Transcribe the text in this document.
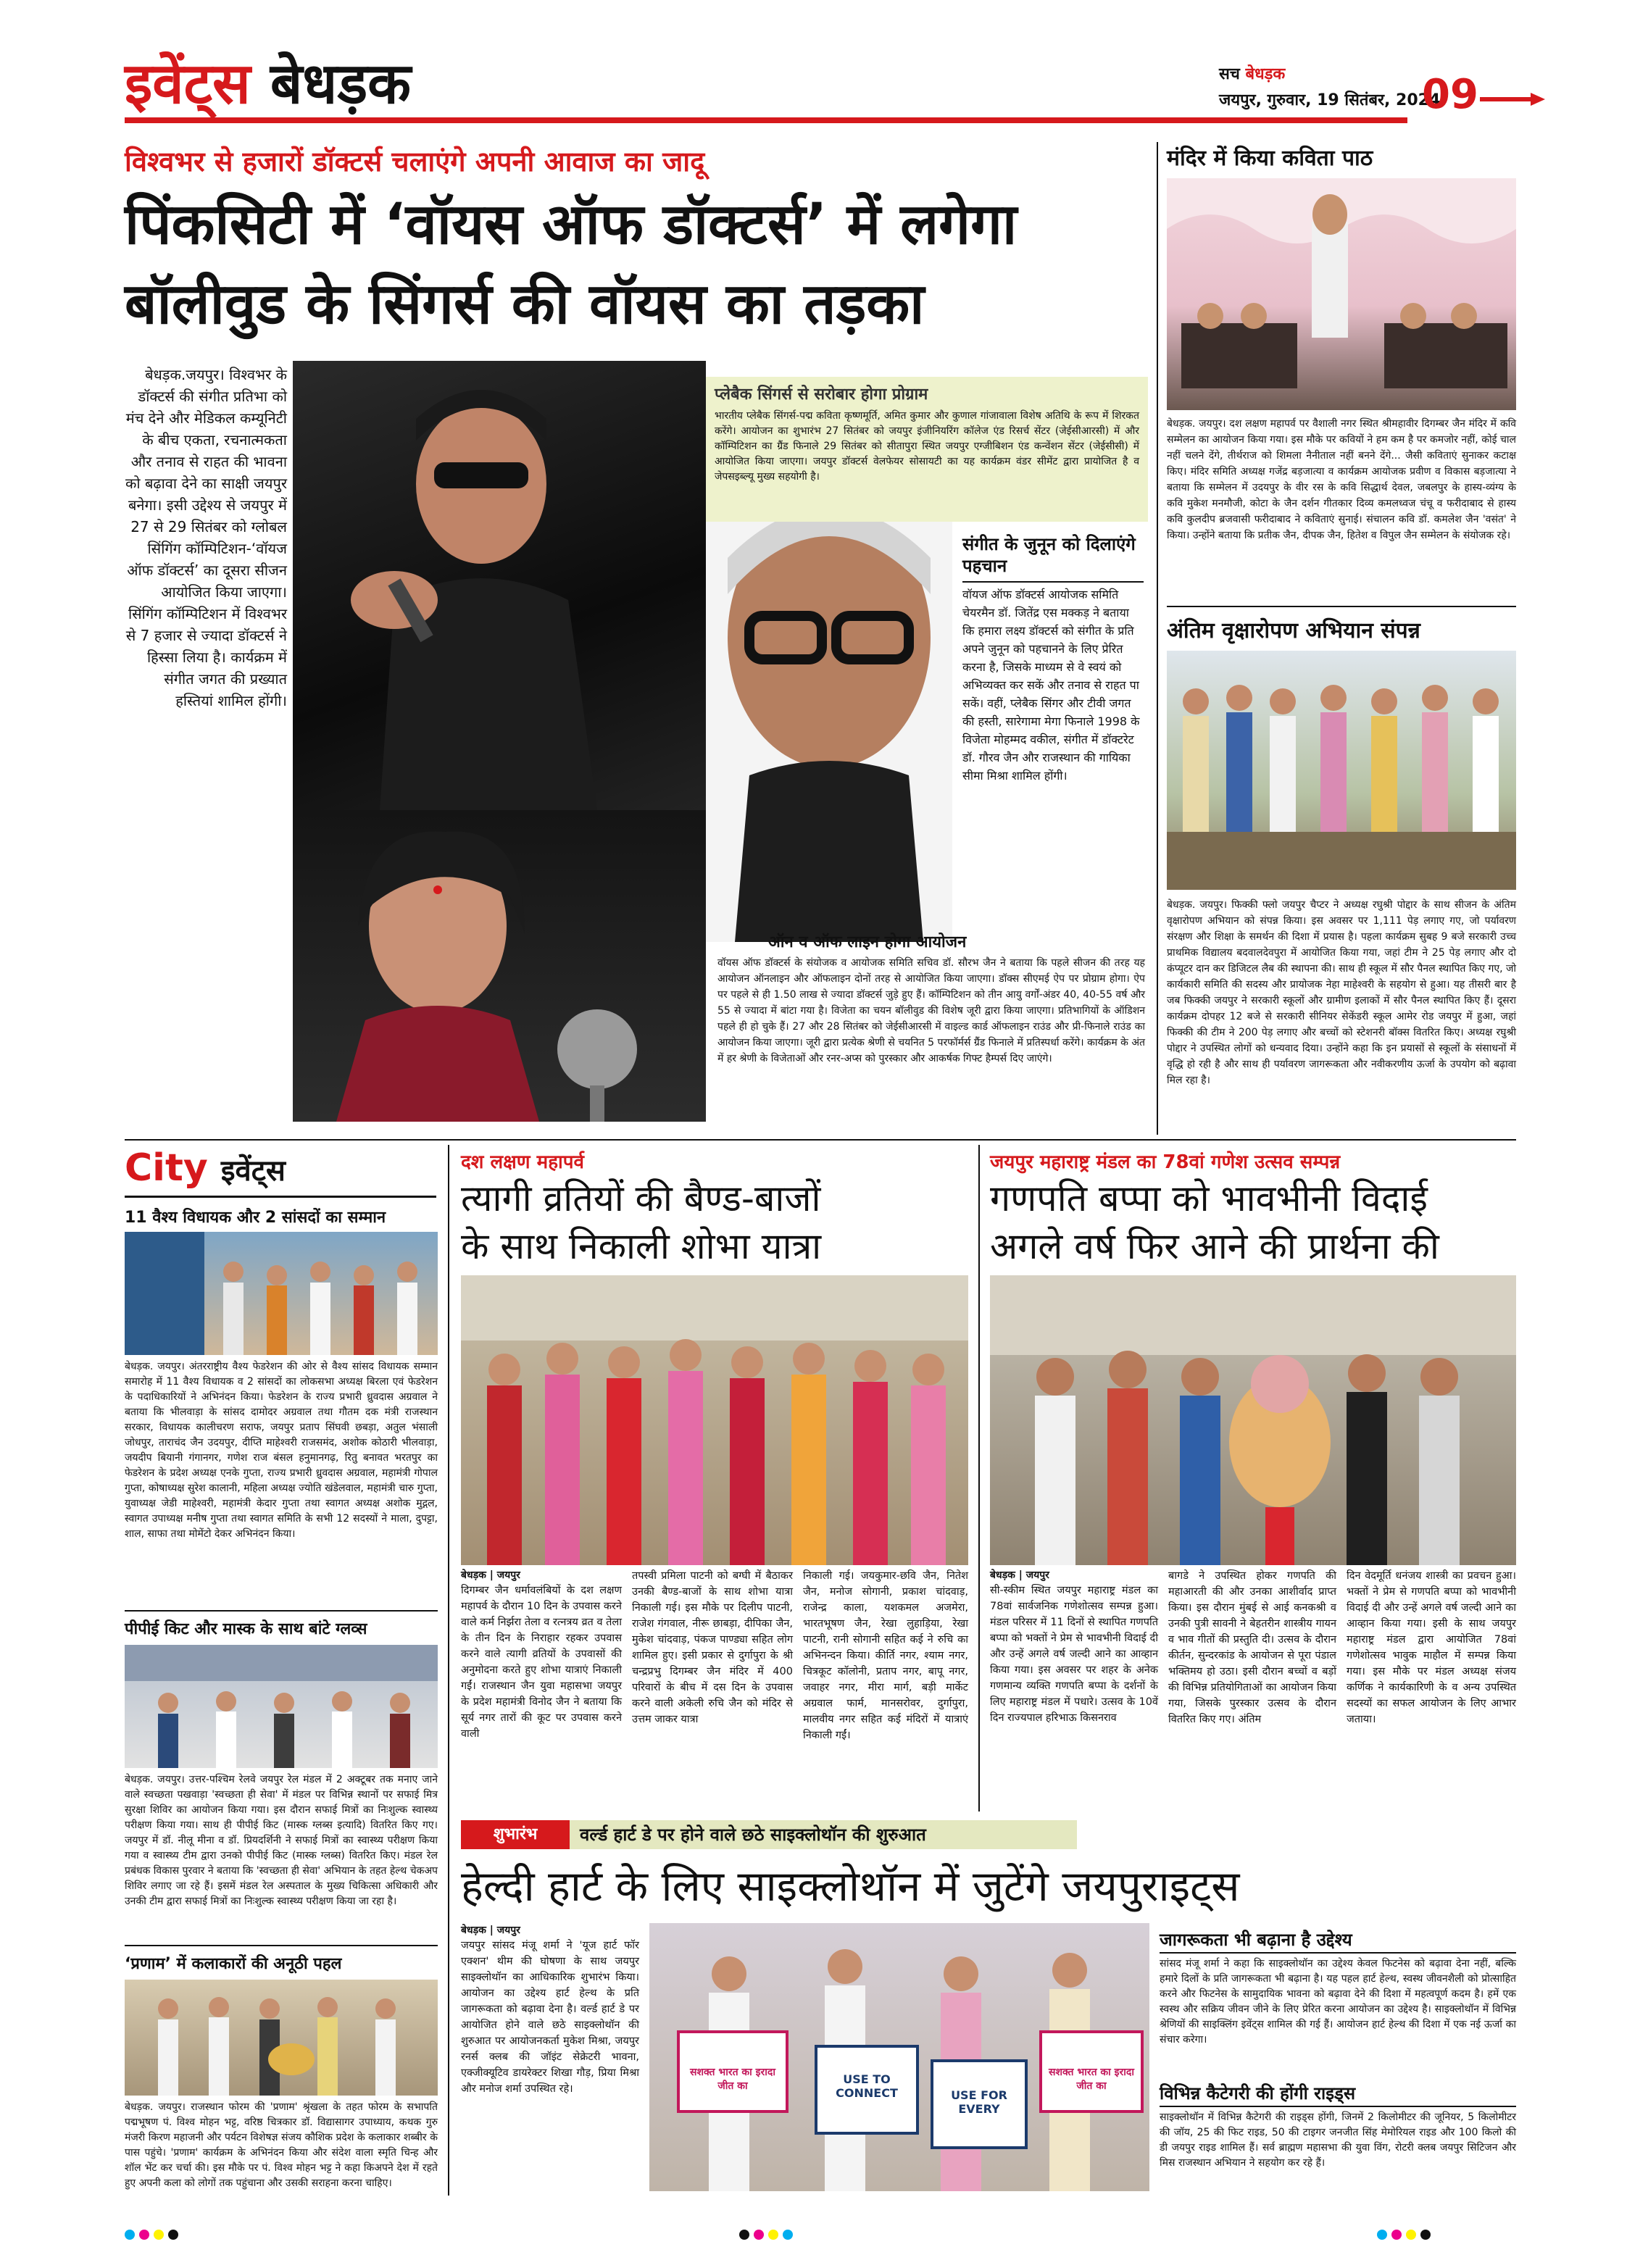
इवेंट्स बेधड़क	सच बेधड़क
जयपुर, गुरुवार, 19 सितंबर, 2024
09
विश्वभर से हजारों डॉक्टर्स चलाएंगे अपनी आवाज का जादू
पिंकसिटी में ‘वॉयस ऑफ डॉक्टर्स’ में लगेगा
बॉलीवुड के सिंगर्स की वॉयस का तड़का
बेधड़क.जयपुर। विश्वभर के डॉक्टर्स की संगीत प्रतिभा को मंच देने और मेडिकल कम्यूनिटी के बीच एकता, रचनात्मकता और तनाव से राहत की भावना को बढ़ावा देने का साक्षी जयपुर बनेगा। इसी उद्देश्य से जयपुर में 27 से 29 सितंबर को ग्लोबल सिंगिंग कॉम्पिटिशन-‘वॉयज ऑफ डॉक्टर्स’ का दूसरा सीजन आयोजित किया जाएगा। सिंगिंग कॉम्पिटिशन में विश्वभर से 7 हजार से ज्यादा डॉक्टर्स ने हिस्सा लिया है। कार्यक्रम में संगीत जगत की प्रख्यात हस्तियां शामिल होंगी।
प्लेबैक सिंगर्स से सरोबार होगा प्रोग्राम
भारतीय प्लेबैक सिंगर्स-पद्म कविता कृष्णमूर्ति, अमित कुमार और कुणाल गांजावाला विशेष अतिथि के रूप में शिरकत करेंगे। आयोजन का शुभारंभ 27 सितंबर को जयपुर इंजीनियरिंग कॉलेज एंड रिसर्च सेंटर (जेईसीआरसी) में और कॉम्पिटिशन का ग्रैंड फिनाले 29 सितंबर को सीतापुरा स्थित जयपुर एग्जीबिशन एंड कन्वेंशन सेंटर (जेईसीसी) में आयोजित किया जाएगा। जयपुर डॉक्टर्स वेलफेयर सोसायटी का यह कार्यक्रम वंडर सीमेंट द्वारा प्रायोजित है व जेपसइब्ल्यू मुख्य सहयोगी है।
संगीत के जुनून को दिलाएंगे पहचान
वॉयज ऑफ डॉक्टर्स आयोजक समिति चेयरमैन डॉ. जितेंद्र एस मक्कड़ ने बताया कि हमारा लक्ष्य डॉक्टर्स को संगीत के प्रति अपने जुनून को पहचानने के लिए प्रेरित करना है, जिसके माध्यम से वे स्वयं को अभिव्यक्त कर सकें और तनाव से राहत पा सकें। वहीं, प्लेबैक सिंगर और टीवी जगत की हस्ती, सारेगामा मेगा फिनाले 1998 के विजेता मोहम्मद वकील, संगीत में डॉक्टरेट डॉ. गौरव जैन और राजस्थान की गायिका सीमा मिश्रा शामिल होंगी।
ऑन व ऑफ लाइन होगा आयोजन
वॉयस ऑफ डॉक्टर्स के संयोजक व आयोजक समिति सचिव डॉ. सौरभ जैन ने बताया कि पहले सीजन की तरह यह आयोजन ऑनलाइन और ऑफलाइन दोनों तरह से आयोजित किया जाएगा। डॉक्स सीएमई ऐप पर प्रोग्राम होगा। ऐप पर पहले से ही 1.50 लाख से ज्यादा डॉक्टर्स जुड़े हुए हैं। कॉम्पिटिशन को तीन आयु वर्गों-अंडर 40, 40-55 वर्ष और 55 से ज्यादा में बांटा गया है। विजेता का चयन बॉलीवुड की विशेष जूरी द्वारा किया जाएगा। प्रतिभागियों के ऑडिशन पहले ही हो चुके हैं। 27 और 28 सितंबर को जेईसीआरसी में वाइल्ड कार्ड ऑफलाइन राउंड और प्री-फिनाले राउंड का आयोजन किया जाएगा। जूरी द्वारा प्रत्येक श्रेणी से चयनित 5 परफॉर्मर्स ग्रैंड फिनाले में प्रतिस्पर्धा करेंगे। कार्यक्रम के अंत में हर श्रेणी के विजेताओं और रनर-अप्स को पुरस्कार और आकर्षक गिफ्ट हैम्पर्स दिए जाएंगे।
मंदिर में किया कविता पाठ
बेधड़क. जयपुर। दश लक्षण महापर्व पर वैशाली नगर स्थित श्रीमहावीर दिगम्बर जैन मंदिर में कवि सम्मेलन का आयोजन किया गया। इस मौके पर कवियों ने हम कम है पर कमजोर नहीं, कोई चाल नहीं चलने देंगे, तीर्थराज को शिमला नैनीताल नहीं बनने देंगे... जैसी कविताएं सुनाकर कटाक्ष किए। मंदिर समिति अध्यक्ष गजेंद्र बड़जात्या व कार्यक्रम आयोजक प्रवीण व विकास बड़जात्या ने बताया कि सम्मेलन में उदयपुर के वीर रस के कवि सिद्धार्थ देवल, जबलपुर के हास्य-व्यंग्य के कवि मुकेश मनमौजी, कोटा के जैन दर्शन गीतकार दिव्य कमलध्वज चंचू व फरीदाबाद से हास्य कवि कुलदीप ब्रजवासी फरीदाबाद ने कविताएं सुनाई। संचालन कवि डॉ. कमलेश जैन 'वसंत' ने किया। उन्होंने बताया कि प्रतीक जैन, दीपक जैन, हितेश व विपुल जैन सम्मेलन के संयोजक रहे।
अंतिम वृक्षारोपण अभियान संपन्न
बेधड़क. जयपुर। फिक्की फ्लो जयपुर चैप्टर ने अध्यक्ष रघुश्री पोद्दार के साथ सीजन के अंतिम वृक्षारोपण अभियान को संपन्न किया। इस अवसर पर 1,111 पेड़ लगाए गए, जो पर्यावरण संरक्षण और शिक्षा के समर्थन की दिशा में प्रयास है। पहला कार्यक्रम सुबह 9 बजे सरकारी उच्च प्राथमिक विद्यालय बदवालदेवपुरा में आयोजित किया गया, जहां टीम ने 25 पेड़ लगाए और दो कंप्यूटर दान कर डिजिटल लैब की स्थापना की। साथ ही स्कूल में सौर पैनल स्थापित किए गए, जो कार्यकारी समिति की सदस्य और प्रायोजक नेहा माहेश्वरी के सहयोग से हुआ। यह तीसरी बार है जब फिक्की जयपुर ने सरकारी स्कूलों और ग्रामीण इलाकों में सौर पैनल स्थापित किए हैं। दूसरा कार्यक्रम दोपहर 12 बजे से सरकारी सीनियर सेकेंडरी स्कूल आमेर रोड जयपुर में हुआ, जहां फिक्की की टीम ने 200 पेड़ लगाए और बच्चों को स्टेशनरी बॉक्स वितरित किए। अध्यक्ष रघुश्री पोद्दार ने उपस्थित लोगों को धन्यवाद दिया। उन्होंने कहा कि इन प्रयासों से स्कूलों के संसाधनों में वृद्धि हो रही है और साथ ही पर्यावरण जागरूकता और नवीकरणीय ऊर्जा के उपयोग को बढ़ावा मिल रहा है।
City इवेंट्स
11 वैश्य विधायक और 2 सांसदों का सम्मान
बेधड़क. जयपुर। अंतरराष्ट्रीय वैश्य फेडरेशन की ओर से वैश्य सांसद विधायक सम्मान समारोह में 11 वैश्य विधायक व 2 सांसदों का लोकसभा अध्यक्ष बिरला एवं फेडरेशन के पदाधिकारियों ने अभिनंदन किया। फेडरेशन के राज्य प्रभारी ध्रुवदास अग्रवाल ने बताया कि भीलवाड़ा के सांसद दामोदर अग्रवाल तथा गौतम दक मंत्री राजस्थान सरकार, विधायक कालीचरण सराफ, जयपुर प्रताप सिंघवी छबड़ा, अतुल भंसाली जोधपुर, ताराचंद जैन उदयपुर, दीप्ति माहेश्वरी राजसमंद, अशोक कोठारी भीलवाड़ा, जयदीप बियानी गंगानगर, गणेश राज बंसल हनुमानगढ़, रितु बनावत भरतपुर का फेडरेशन के प्रदेश अध्यक्ष एनके गुप्ता, राज्य प्रभारी ध्रुवदास अग्रवाल, महामंत्री गोपाल गुप्ता, कोषाध्यक्ष सुरेश कालानी, महिला अध्यक्ष ज्योति खंडेलवाल, महामंत्री चारु गुप्ता, युवाध्यक्ष जेडी माहेश्वरी, महामंत्री केदार गुप्ता तथा स्वागत अध्यक्ष अशोक मुद्गल, स्वागत उपाध्यक्ष मनीष गुप्ता तथा स्वागत समिति के सभी 12 सदस्यों ने माला, दुपट्टा, शाल, साफा तथा मोमेंटो देकर अभिनंदन किया।
पीपीई किट और मास्क के साथ बांटे ग्लव्स
बेधड़क. जयपुर। उत्तर-पश्चिम रेलवे जयपुर रेल मंडल में 2 अक्टूबर तक मनाए जाने वाले स्वच्छता पखवाड़ा 'स्वच्छता ही सेवा' में मंडल पर विभिन्न स्थानों पर सफाई मित्र सुरक्षा शिविर का आयोजन किया गया। इस दौरान सफाई मित्रों का निःशुल्क स्वास्थ्य परीक्षण किया गया। साथ ही पीपीई किट (मास्क ग्लब्स इत्यादि) वितरित किए गए। जयपुर में डॉ. नीलू मीना व डॉ. प्रियदर्शिनी ने सफाई मित्रों का स्वास्थ्य परीक्षण किया गया व स्वास्थ्य टीम द्वारा उनको पीपीई किट (मास्क ग्लब्स) वितरित किए। मंडल रेल प्रबंधक विकास पुरवार ने बताया कि 'स्वच्छता ही सेवा' अभियान के तहत हेल्थ चेकअप शिविर लगाए जा रहे हैं। इसमें मंडल रेल अस्पताल के मुख्य चिकित्सा अधिकारी और उनकी टीम द्वारा सफाई मित्रों का निःशुल्क स्वास्थ्य परीक्षण किया जा रहा है।
‘प्रणाम’ में कलाकारों की अनूठी पहल
बेधड़क. जयपुर। राजस्थान फोरम की 'प्रणाम' श्रृंखला के तहत फोरम के सभापति पद्मभूषण पं. विश्व मोहन भट्ट, वरिष्ठ चित्रकार डॉ. विद्यासागर उपाध्याय, कथक गुरु मंजरी किरण महाजनी और पर्यटन विशेषज्ञ संजय कौशिक प्रदेश के कलाकार शब्बीर के पास पहुंचे। 'प्रणाम' कार्यक्रम के अभिनंदन किया और संदेश वाला स्मृति चिन्ह और शॉल भेंट कर चर्चा की। इस मौके पर पं. विश्व मोहन भट्ट ने कहा किअपने देश में रहते हुए अपनी कला को लोगों तक पहुंचाना और उसकी सराहना करना चाहिए।
दश लक्षण महापर्व
त्यागी व्रतियों की बैण्ड-बाजों
के साथ निकाली शोभा यात्रा
बेधड़क | जयपुर
दिगम्बर जैन धर्मावलंबियों के दश लक्षण महापर्व के दौरान 10 दिन के उपवास करने वाले कर्म निर्झरा तेला व रत्नत्रय व्रत व तेला के तीन दिन के निराहार रहकर उपवास करने वाले त्यागी व्रतियों के उपवासों की अनुमोदना करते हुए शोभा यात्राएं निकाली गईं। राजस्थान जैन युवा महासभा जयपुर के प्रदेश महामंत्री विनोद जैन ने बताया कि सूर्य नगर तारों की कूट पर उपवास करने वाली
तपस्वी प्रमिला पाटनी को बग्घी में बैठाकर उनकी बैण्ड-बाजों के साथ शोभा यात्रा निकाली गई। इस मौके पर दिलीप पाटनी, राजेश गंगवाल, नीरू छाबड़ा, दीपिका जैन, मुकेश चांदवाड़, पंकज पाण्ड्या सहित लोग शामिल हुए। इसी प्रकार से दुर्गापुरा के श्री चन्द्रप्रभु दिगम्बर जैन मंदिर में 400 परिवारों के बीच में दस दिन के उपवास करने वाली अकेली रुचि जैन को मंदिर से उत्तम जाकर यात्रा
निकाली गई। जयकुमार-छवि जैन, नितेश जैन, मनोज सोगानी, प्रकाश चांदवाड़, राजेन्द्र काला, यशकमल अजमेरा, भारतभूषण जैन, रेखा लुहाड़िया, रेखा पाटनी, रानी सोगानी सहित कई ने रुचि का अभिनन्दन किया। कीर्ति नगर, श्याम नगर, चित्रकूट कॉलोनी, प्रताप नगर, बापू नगर, जवाहर नगर, मीरा मार्ग, बड़ी मार्केट अग्रवाल फार्म, मानसरोवर, दुर्गापुरा, मालवीय नगर सहित कई मंदिरों में यात्राएं निकाली गईं।
जयपुर महाराष्ट्र मंडल का 78वां गणेश उत्सव सम्पन्न
गणपति बप्पा को भावभीनी विदाई
अगले वर्ष फिर आने की प्रार्थना की
बेधड़क | जयपुर
सी-स्कीम स्थित जयपुर महाराष्ट्र मंडल का 78वां सार्वजनिक गणेशोत्सव सम्पन्न हुआ। मंडल परिसर में 11 दिनों से स्थापित गणपति बप्पा को भक्तों ने प्रेम से भावभीनी विदाई दी और उन्हें अगले वर्ष जल्दी आने का आव्हान किया गया। इस अवसर पर शहर के अनेक गणमान्य व्यक्ति गणपति बप्पा के दर्शनों के लिए महाराष्ट्र मंडल में पधारे। उत्सव के 10वें दिन राज्यपाल हरिभाऊ किसनराव
बागडे ने उपस्थित होकर गणपति की महाआरती की और उनका आशीर्वाद प्राप्त किया। इस दौरान मुंबई से आई कनकश्री व उनकी पुत्री सावनी ने बेहतरीन शास्त्रीय गायन व भाव गीतों की प्रस्तुति दी। उत्सव के दौरान कीर्तन, सुन्दरकांड के आयोजन से पूरा पंडाल भक्तिमय हो उठा। इसी दौरान बच्चों व बड़ों की विभिन्न प्रतियोगिताओं का आयोजन किया गया, जिसके पुरस्कार उत्सव के दौरान वितरित किए गए। अंतिम
दिन वेदमूर्ति धनंजय शास्त्री का प्रवचन हुआ। भक्तों ने प्रेम से गणपति बप्पा को भावभीनी विदाई दी और उन्हें अगले वर्ष जल्दी आने का आव्हान किया गया। इसी के साथ जयपुर महाराष्ट्र मंडल द्वारा आयोजित 78वां गणेशोत्सव भावुक माहौल में सम्पन्न किया गया। इस मौके पर मंडल अध्यक्ष संजय कर्णिक ने कार्यकारिणी के व अन्य उपस्थित सदस्यों का सफल आयोजन के लिए आभार जताया।
शुभारंभ	वर्ल्ड हार्ट डे पर होने वाले छठे साइक्लोथॉन की शुरुआत
हेल्दी हार्ट के लिए साइक्लोथॉन में जुटेंगे जयपुराइट्स
बेधड़क | जयपुर
जयपुर सांसद मंजू शर्मा ने 'यूज हार्ट फॉर एक्शन' थीम की घोषणा के साथ जयपुर साइक्लोथॉन का आधिकारिक शुभारंभ किया। आयोजन का उद्देश्य हार्ट हेल्थ के प्रति जागरूकता को बढ़ावा देना है। वर्ल्ड हार्ट डे पर आयोजित होने वाले छठे साइक्लोथॉन की शुरुआत पर आयोजनकर्ता मुकेश मिश्रा, जयपुर रनर्स क्लब की जॉइंट सेक्रेटरी भावना, एक्जीक्यूटिव डायरेक्टर शिखा गौड़, प्रिया मिश्रा और मनोज शर्मा उपस्थित रहे।
सशक्त भारत का इरादा जीत का	USE TO CONNECT	USE FOR EVERY
सशक्त भारत का इरादा जीत का
जागरूकता भी बढ़ाना है उद्देश्य
सांसद मंजू शर्मा ने कहा कि साइक्लोथॉन का उद्देश्य केवल फिटनेस को बढ़ावा देना नहीं, बल्कि हमारे दिलों के प्रति जागरूकता भी बढ़ाना है। यह पहल हार्ट हेल्थ, स्वस्थ जीवनशैली को प्रोत्साहित करने और फिटनेस के सामुदायिक भावना को बढ़ावा देने की दिशा में महत्वपूर्ण कदम है। हमें एक स्वस्थ और सक्रिय जीवन जीने के लिए प्रेरित करना आयोजन का उद्देश्य है। साइक्लोथॉन में विभिन्न श्रेणियों की साइक्लिंग इवेंट्स शामिल की गई हैं। आयोजन हार्ट हेल्थ की दिशा में एक नई ऊर्जा का संचार करेगा।
विभिन्न कैटेगरी की होंगी राइड्स
साइक्लोथॉन में विभिन्न कैटेगरी की राइड्स होंगी, जिनमें 2 किलोमीटर की जूनियर, 5 किलोमीटर की जॉय, 25 की फिट राइड, 50 की टाइगर जनजीत सिंह मेमोरियल राइड और 100 किलो की डी जयपुर राइड शामिल हैं। सर्व ब्राह्मण महासभा की युवा विंग, रोटरी क्लब जयपुर सिटिजन और मिस राजस्थान अभियान ने सहयोग कर रहे हैं।
